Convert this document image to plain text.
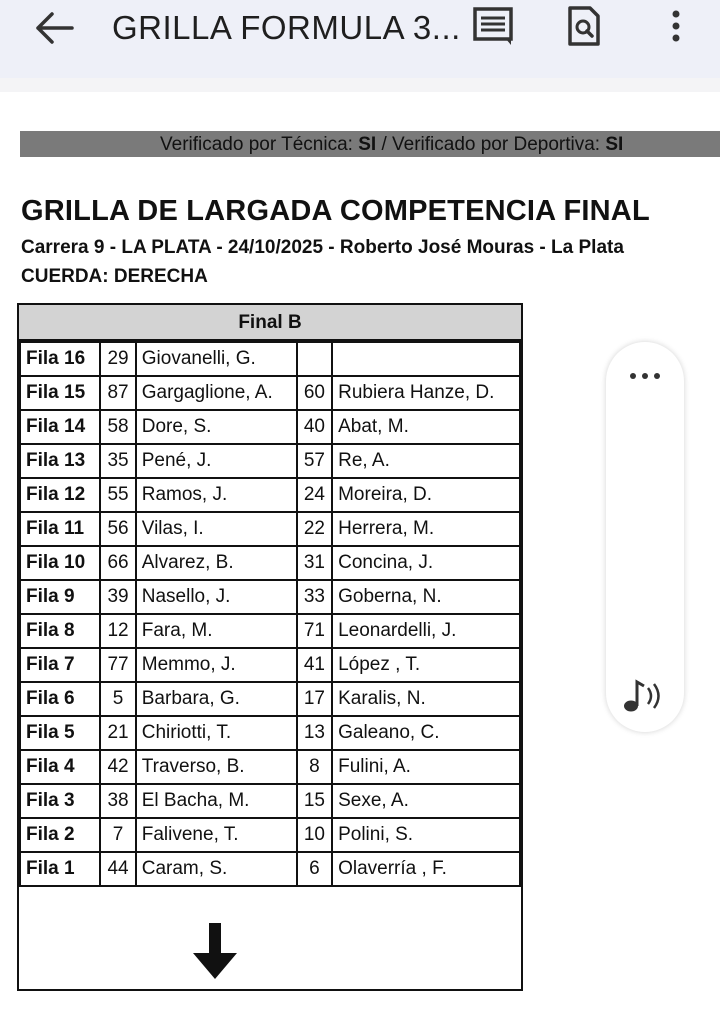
GRILLA FORMULA 3...
Verificado por Técnica: SI / Verificado por Deportiva: SI
GRILLA DE LARGADA COMPETENCIA FINAL
Carrera 9 - LA PLATA - 24/10/2025 - Roberto José Mouras - La Plata
CUERDA: DERECHA
Final B
Fila 16	29	Giovanelli, G.		
Fila 15	87	Gargaglione, A.	60	Rubiera Hanze, D.
Fila 14	58	Dore, S.	40	Abat, M.
Fila 13	35	Pené, J.	57	Re, A.
Fila 12	55	Ramos, J.	24	Moreira, D.
Fila 11	56	Vilas, I.	22	Herrera, M.
Fila 10	66	Alvarez, B.	31	Concina, J.
Fila 9	39	Nasello, J.	33	Goberna, N.
Fila 8	12	Fara, M.	71	Leonardelli, J.
Fila 7	77	Memmo, J.	41	López , T.
Fila 6	5	Barbara, G.	17	Karalis, N.
Fila 5	21	Chiriotti, T.	13	Galeano, C.
Fila 4	42	Traverso, B.	8	Fulini, A.
Fila 3	38	El Bacha, M.	15	Sexe, A.
Fila 2	7	Falivene, T.	10	Polini, S.
Fila 1	44	Caram, S.	6	Olaverría , F.
